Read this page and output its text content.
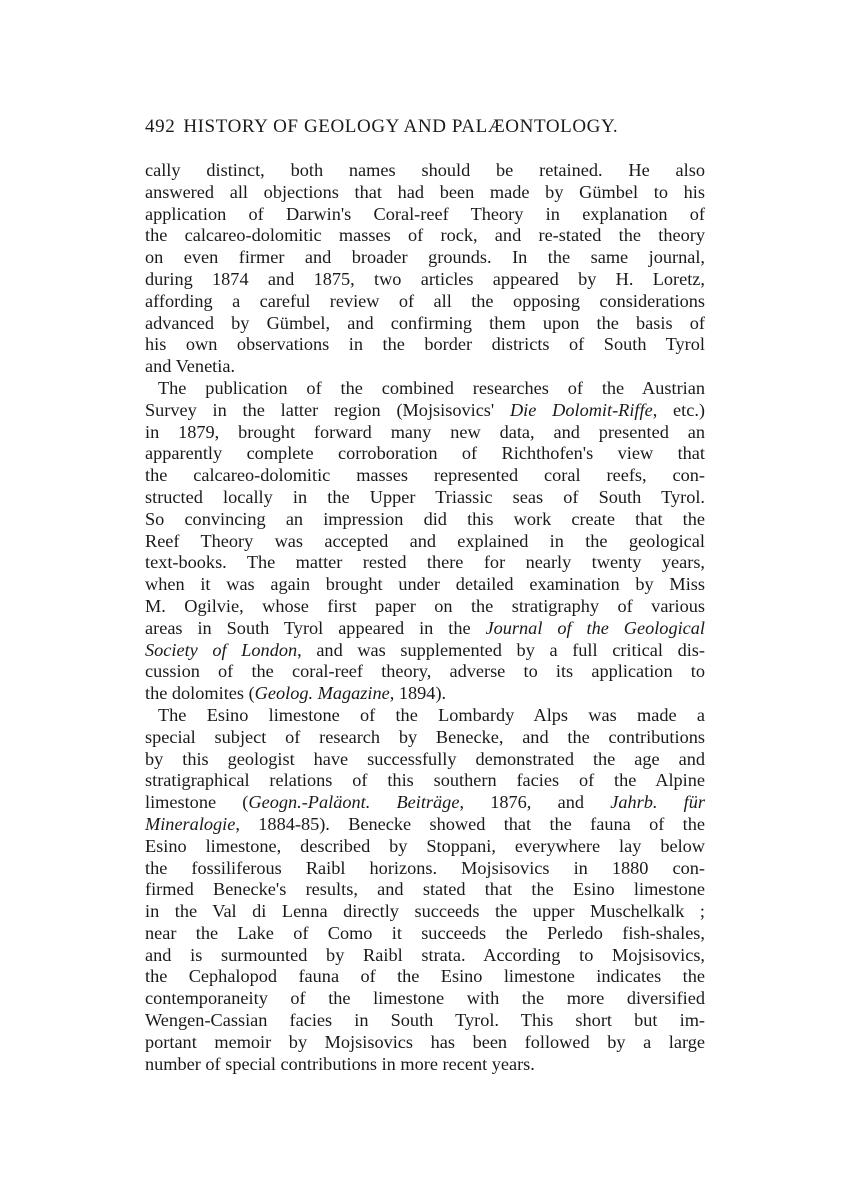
492 HISTORY OF GEOLOGY AND PALÆONTOLOGY.
cally distinct, both names should be retained. He also
answered all objections that had been made by Gümbel to his
application of Darwin's Coral-reef Theory in explanation of
the calcareo-dolomitic masses of rock, and re-stated the theory
on even firmer and broader grounds. In the same journal,
during 1874 and 1875, two articles appeared by H. Loretz,
affording a careful review of all the opposing considerations
advanced by Gümbel, and confirming them upon the basis of
his own observations in the border districts of South Tyrol
and Venetia.
The publication of the combined researches of the Austrian
Survey in the latter region (Mojsisovics' Die Dolomit-Riffe, etc.)
in 1879, brought forward many new data, and presented an
apparently complete corroboration of Richthofen's view that
the calcareo-dolomitic masses represented coral reefs, con-
structed locally in the Upper Triassic seas of South Tyrol.
So convincing an impression did this work create that the
Reef Theory was accepted and explained in the geological
text-books. The matter rested there for nearly twenty years,
when it was again brought under detailed examination by Miss
M. Ogilvie, whose first paper on the stratigraphy of various
areas in South Tyrol appeared in the Journal of the Geological
Society of London, and was supplemented by a full critical dis-
cussion of the coral-reef theory, adverse to its application to
the dolomites (Geolog. Magazine, 1894).
The Esino limestone of the Lombardy Alps was made a
special subject of research by Benecke, and the contributions
by this geologist have successfully demonstrated the age and
stratigraphical relations of this southern facies of the Alpine
limestone (Geogn.-Paläont. Beiträge, 1876, and Jahrb. für
Mineralogie, 1884-85). Benecke showed that the fauna of the
Esino limestone, described by Stoppani, everywhere lay below
the fossiliferous Raibl horizons. Mojsisovics in 1880 con-
firmed Benecke's results, and stated that the Esino limestone
in the Val di Lenna directly succeeds the upper Muschelkalk ;
near the Lake of Como it succeeds the Perledo fish-shales,
and is surmounted by Raibl strata. According to Mojsisovics,
the Cephalopod fauna of the Esino limestone indicates the
contemporaneity of the limestone with the more diversified
Wengen-Cassian facies in South Tyrol. This short but im-
portant memoir by Mojsisovics has been followed by a large
number of special contributions in more recent years.
